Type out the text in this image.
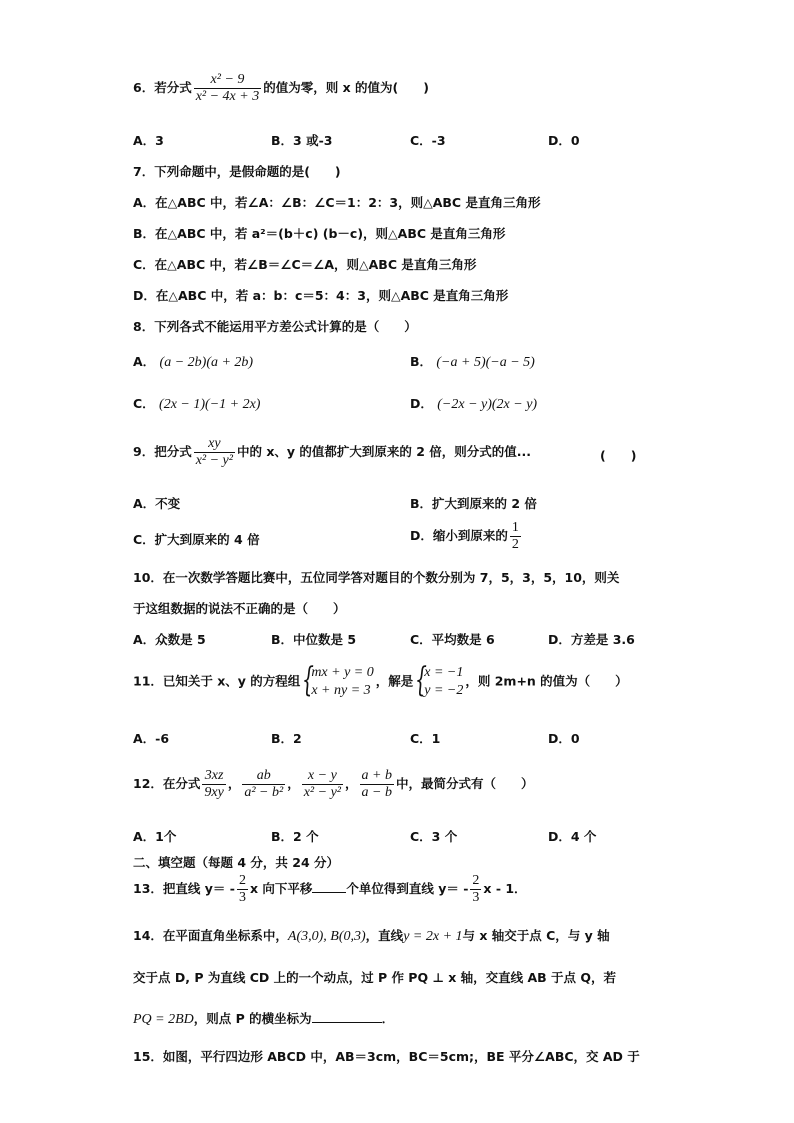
6．若分式 $\frac{\text{x² − 9}}{\text{x² − 4x + 3}}$ 的值为零，则 x 的值为(　　)
A．3	B．3 或-3	C．-3	D．0
7．下列命题中，是假命题的是(　　)
A．在△ABC 中，若∠A：∠B：∠C＝1：2：3，则△ABC 是直角三角形
B．在△ABC 中，若 a²＝(b＋c) (b－c)，则△ABC 是直角三角形
C．在△ABC 中，若∠B＝∠C＝∠A，则△ABC 是直角三角形
D．在△ABC 中，若 a：b：c＝5：4：3，则△ABC 是直角三角形
8．下列各式不能运用平方差公式计算的是（　　）
A． (a − 2b)(a + 2b)	B． (−a + 5)(−a − 5)
C． (2x − 1)(−1 + 2x)	D． (−2x − y)(2x − y)
9．把分式 $\frac{xy}{\text{x² − y²}}$ 中的 x、y 的值都扩大到原来的 2 倍，则分式的值...	(　　)
A．不变	B．扩大到原来的 2 倍
C．扩大到原来的 4 倍	D．缩小到原来的 $\frac{1}{2}$
10．在一次数学答题比赛中，五位同学答对题目的个数分别为 7，5，3，5，10，则关
于这组数据的说法不正确的是（　　）
A．众数是 5	B．中位数是 5	C．平均数是 6	D．方差是 3.6
11．已知关于 x、y 的方程组 {
mx + y = 0
x + ny = 3
，解是 {
x = −1
y = −2
，则 2m+n 的值为（　　）
A．-6	B．2	C．1	D．0
12．在分式 $\frac{3xz}{9xy}$ ， $\frac{ab}{\text{a² − b²}}$ ， $\frac{x - y}{\text{x² − y²}}$ ， $\frac{a + b}{a - b}$ 中，最简分式有（　　）
A．1个	B．2 个	C．3 个	D．4 个
二、填空题（每题 4 分，共 24 分）
13．把直线 $y= - \frac{2}{3}$ x 向下平移	个单位得到直线 $y= - \frac{2}{3}$ x - 1．
14．在平面直角坐标系中，A(3,0), B(0,3)，直线y = 2x + 1与 x 轴交于点 C，与 y 轴
交于点 D, P 为直线 CD 上的一个动点，过 P 作 PQ ⊥ x 轴，交直线 AB 于点 Q，若
PQ = 2BD，则点 P 的横坐标为	．
15．如图，平行四边形 ABCD 中，AB＝3cm，BC＝5cm;，BE 平分∠ABC，交 AD 于
